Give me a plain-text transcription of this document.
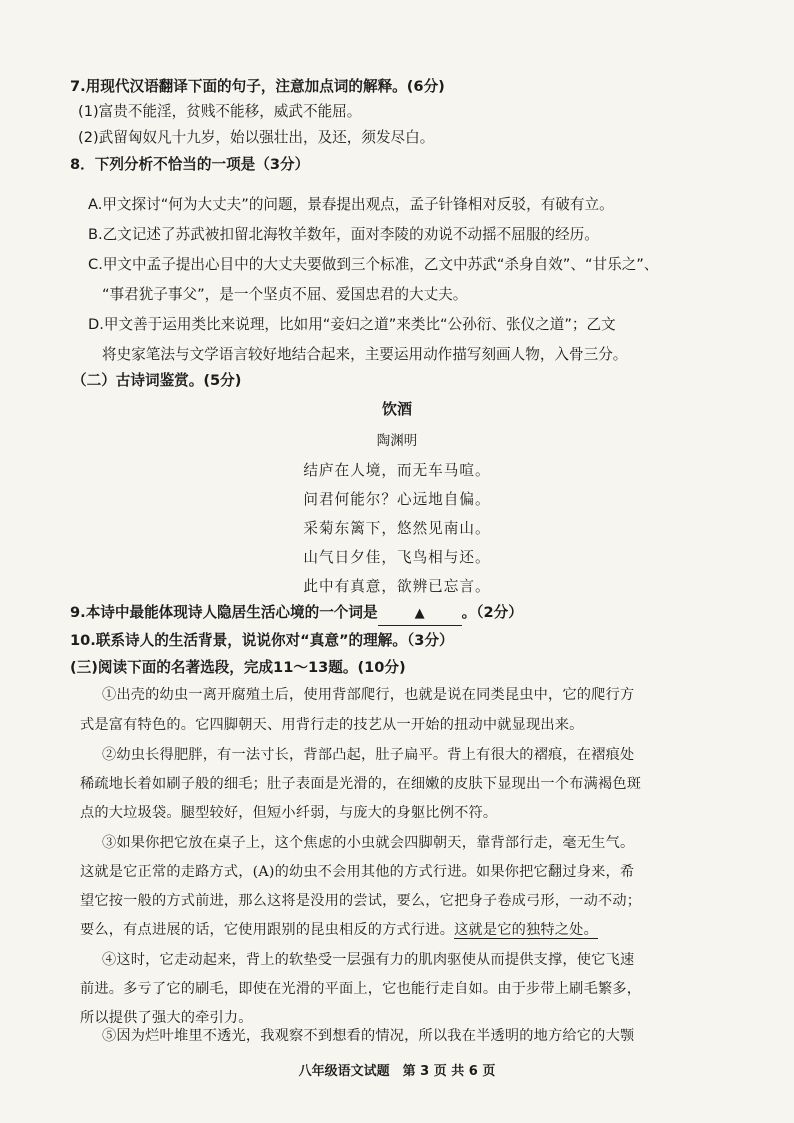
7.用现代汉语翻译下面的句子，注意加点词的解释。(6分)
(1)富贵不能淫，贫贱不能移，威武不能屈。
(2)武留匈奴凡十九岁，始以强壮出，及还，须发尽白。
8．下列分析不恰当的一项是（3分）
A.甲文探讨“何为大丈夫”的问题，景春提出观点，孟子针锋相对反驳，有破有立。
B.乙文记述了苏武被扣留北海牧羊数年，面对李陵的劝说不动摇不屈服的经历。
C.甲文中孟子提出心目中的大丈夫要做到三个标准，乙文中苏武“杀身自效”、“甘乐之”、
“事君犹子事父”，是一个坚贞不屈、爱国忠君的大丈夫。
D.甲文善于运用类比来说理，比如用“妾妇之道”来类比“公孙衍、张仪之道”；乙文
将史家笔法与文学语言较好地结合起来，主要运用动作描写刻画人物，入骨三分。
（二）古诗词鉴赏。(5分)
饮酒
陶渊明
结庐在人境，而无车马喧。
问君何能尔？心远地自偏。
采菊东篱下，悠然见南山。
山气日夕佳，飞鸟相与还。
此中有真意，欲辨已忘言。
9.本诗中最能体现诗人隐居生活心境的一个词是	▲	。（2分）
10.联系诗人的生活背景，说说你对“真意”的理解。（3分）
(三)阅读下面的名著选段，完成11～13题。(10分)
①出壳的幼虫一离开腐殖土后，使用背部爬行，也就是说在同类昆虫中，它的爬行方
式是富有特色的。它四脚朝天、用背行走的技艺从一开始的扭动中就显现出来。
②幼虫长得肥胖，有一法寸长，背部凸起，肚子扁平。背上有很大的褶痕，在褶痕处
稀疏地长着如刷子般的细毛；肚子表面是光滑的，在细嫩的皮肤下显现出一个布满褐色斑
点的大垃圾袋。腿型较好，但短小纤弱，与庞大的身躯比例不符。
③如果你把它放在桌子上，这个焦虑的小虫就会四脚朝天，靠背部行走，毫无生气。
这就是它正常的走路方式，(A)的幼虫不会用其他的方式行进。如果你把它翻过身来，希
望它按一般的方式前进，那么这将是没用的尝试，要么，它把身子卷成弓形，一动不动；
要么，有点进展的话，它使用跟别的昆虫相反的方式行进。这就是它的独特之处。
④这时，它走动起来，背上的软垫受一层强有力的肌肉驱使从而提供支撑，使它飞速
前进。多亏了它的刷毛，即使在光滑的平面上，它也能行走自如。由于步带上刷毛繁多，
所以提供了强大的牵引力。
⑤因为烂叶堆里不透光，我观察不到想看的情况，所以我在半透明的地方给它的大颚
八年级语文试题　第 3 页 共 6 页
